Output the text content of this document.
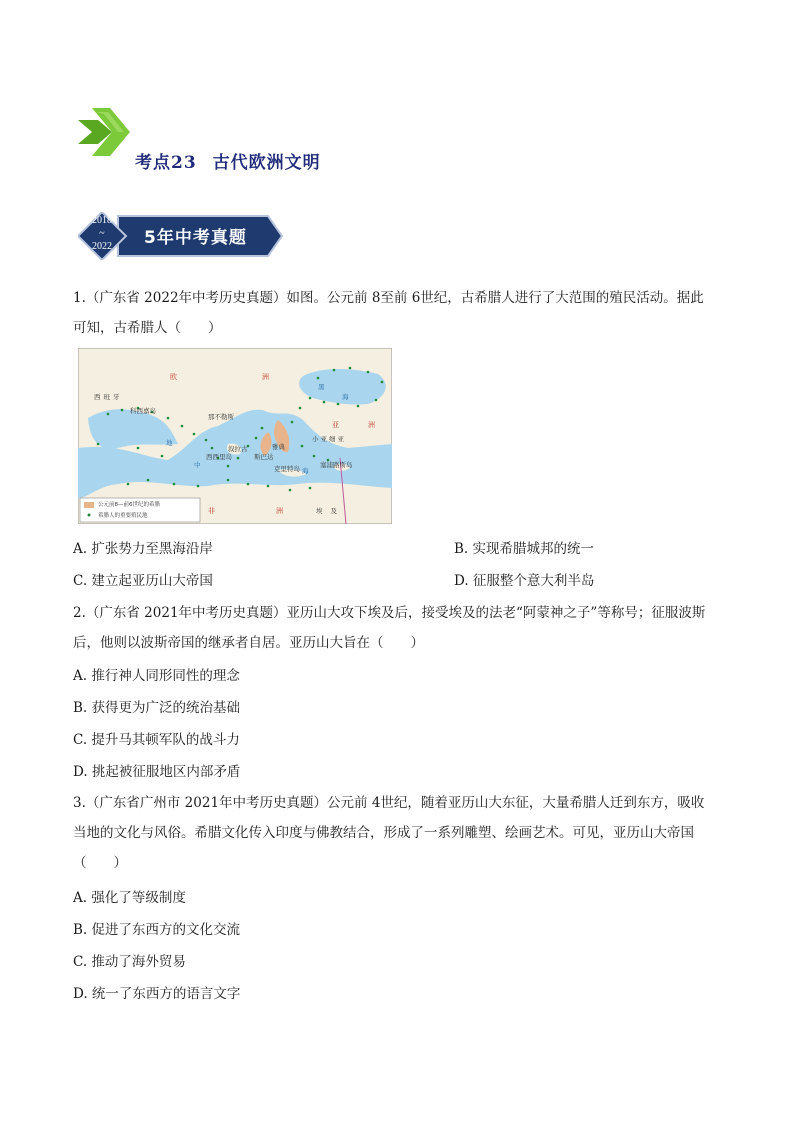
考点23 古代欧洲文明
2018
~
2022	5年中考真题
1.（广东省 2022年中考历史真题）如图。公元前 8至前 6世纪，古希腊人进行了大范围的殖民活动。据此
可知，古希腊人（　　）
欧	洲
西班牙
科西嘉岛
那不勒斯
黑
海
小亚细亚
亚	洲
地
中
海
叙拉古	雅典
西西里岛	斯巴达
克里特岛	塞浦路斯岛
非	洲	埃及
公元前8—前6世纪的希腊
希腊人的重要殖民地
A. 扩张势力至黑海沿岸	B. 实现希腊城邦的统一
C. 建立起亚历山大帝国	D. 征服整个意大利半岛
2.（广东省 2021年中考历史真题）亚历山大攻下埃及后，接受埃及的法老“阿蒙神之子”等称号；征服波斯
后，他则以波斯帝国的继承者自居。亚历山大旨在（　　）
A. 推行神人同形同性的理念
B. 获得更为广泛的统治基础
C. 提升马其顿军队的战斗力
D. 挑起被征服地区内部矛盾
3.（广东省广州市 2021年中考历史真题）公元前 4世纪，随着亚历山大东征，大量希腊人迁到东方，吸收
当地的文化与风俗。希腊文化传入印度与佛教结合，形成了一系列雕塑、绘画艺术。可见，亚历山大帝国
（　　）
A. 强化了等级制度
B. 促进了东西方的文化交流
C. 推动了海外贸易
D. 统一了东西方的语言文字
